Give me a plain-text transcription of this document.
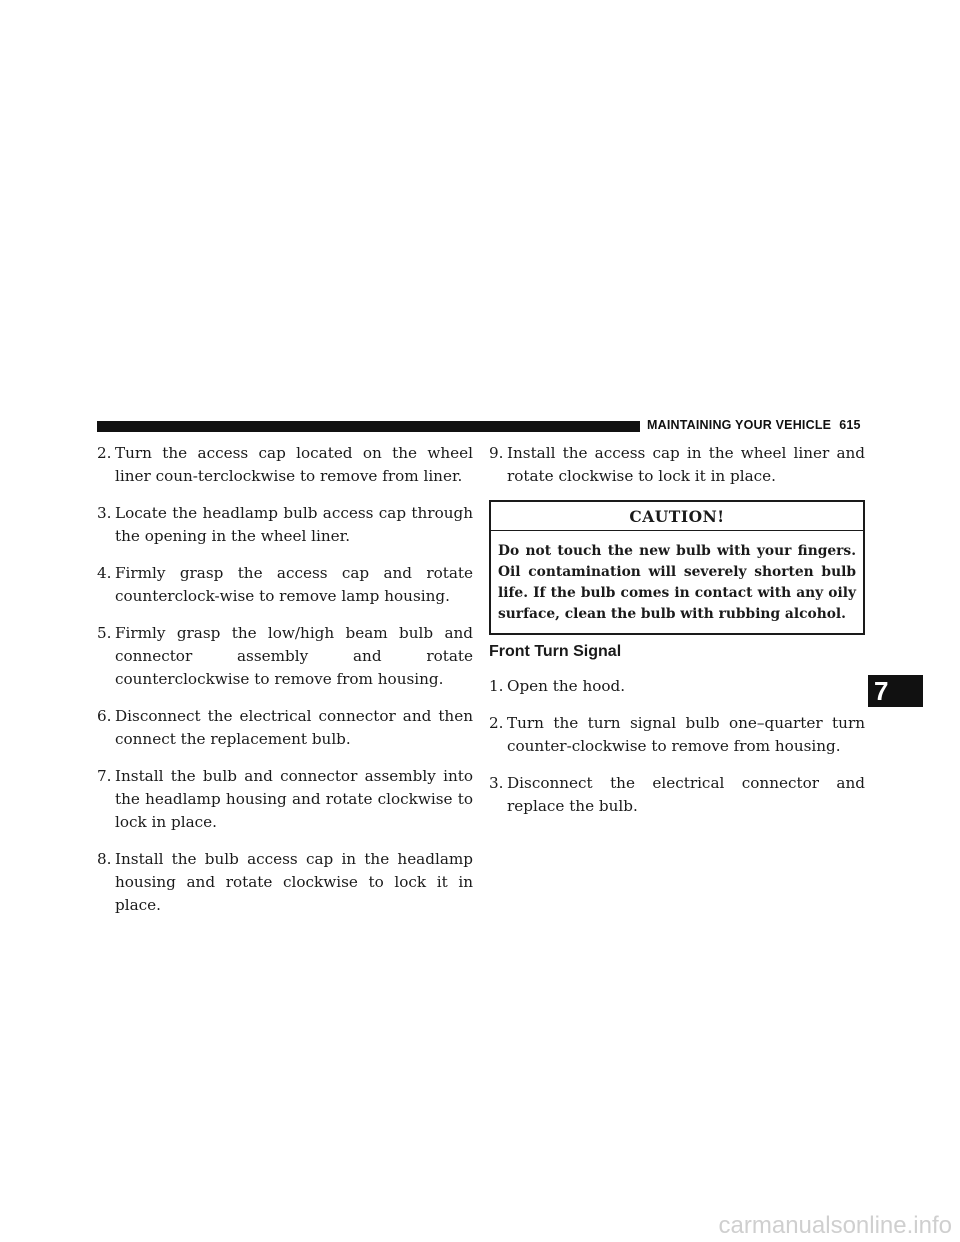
MAINTAINING YOUR VEHICLE 615
2. Turn the access cap located on the wheel liner coun-terclockwise to remove from liner.
3. Locate the headlamp bulb access cap through the opening in the wheel liner.
4. Firmly grasp the access cap and rotate counterclock-wise to remove lamp housing.
5. Firmly grasp the low/high beam bulb and connector assembly and rotate counterclockwise to remove from housing.
6. Disconnect the electrical connector and then connect the replacement bulb.
7. Install the bulb and connector assembly into the headlamp housing and rotate clockwise to lock in place.
8. Install the bulb access cap in the headlamp housing and rotate clockwise to lock it in place.
9. Install the access cap in the wheel liner and rotate clockwise to lock it in place.
CAUTION!
Do not touch the new bulb with your fingers. Oil contamination will severely shorten bulb life. If the bulb comes in contact with any oily surface, clean the bulb with rubbing alcohol.
Front Turn Signal
1. Open the hood.
2. Turn the turn signal bulb one–quarter turn counter-clockwise to remove from housing.
3. Disconnect the electrical connector and replace the bulb.
7
carmanualsonline.info
